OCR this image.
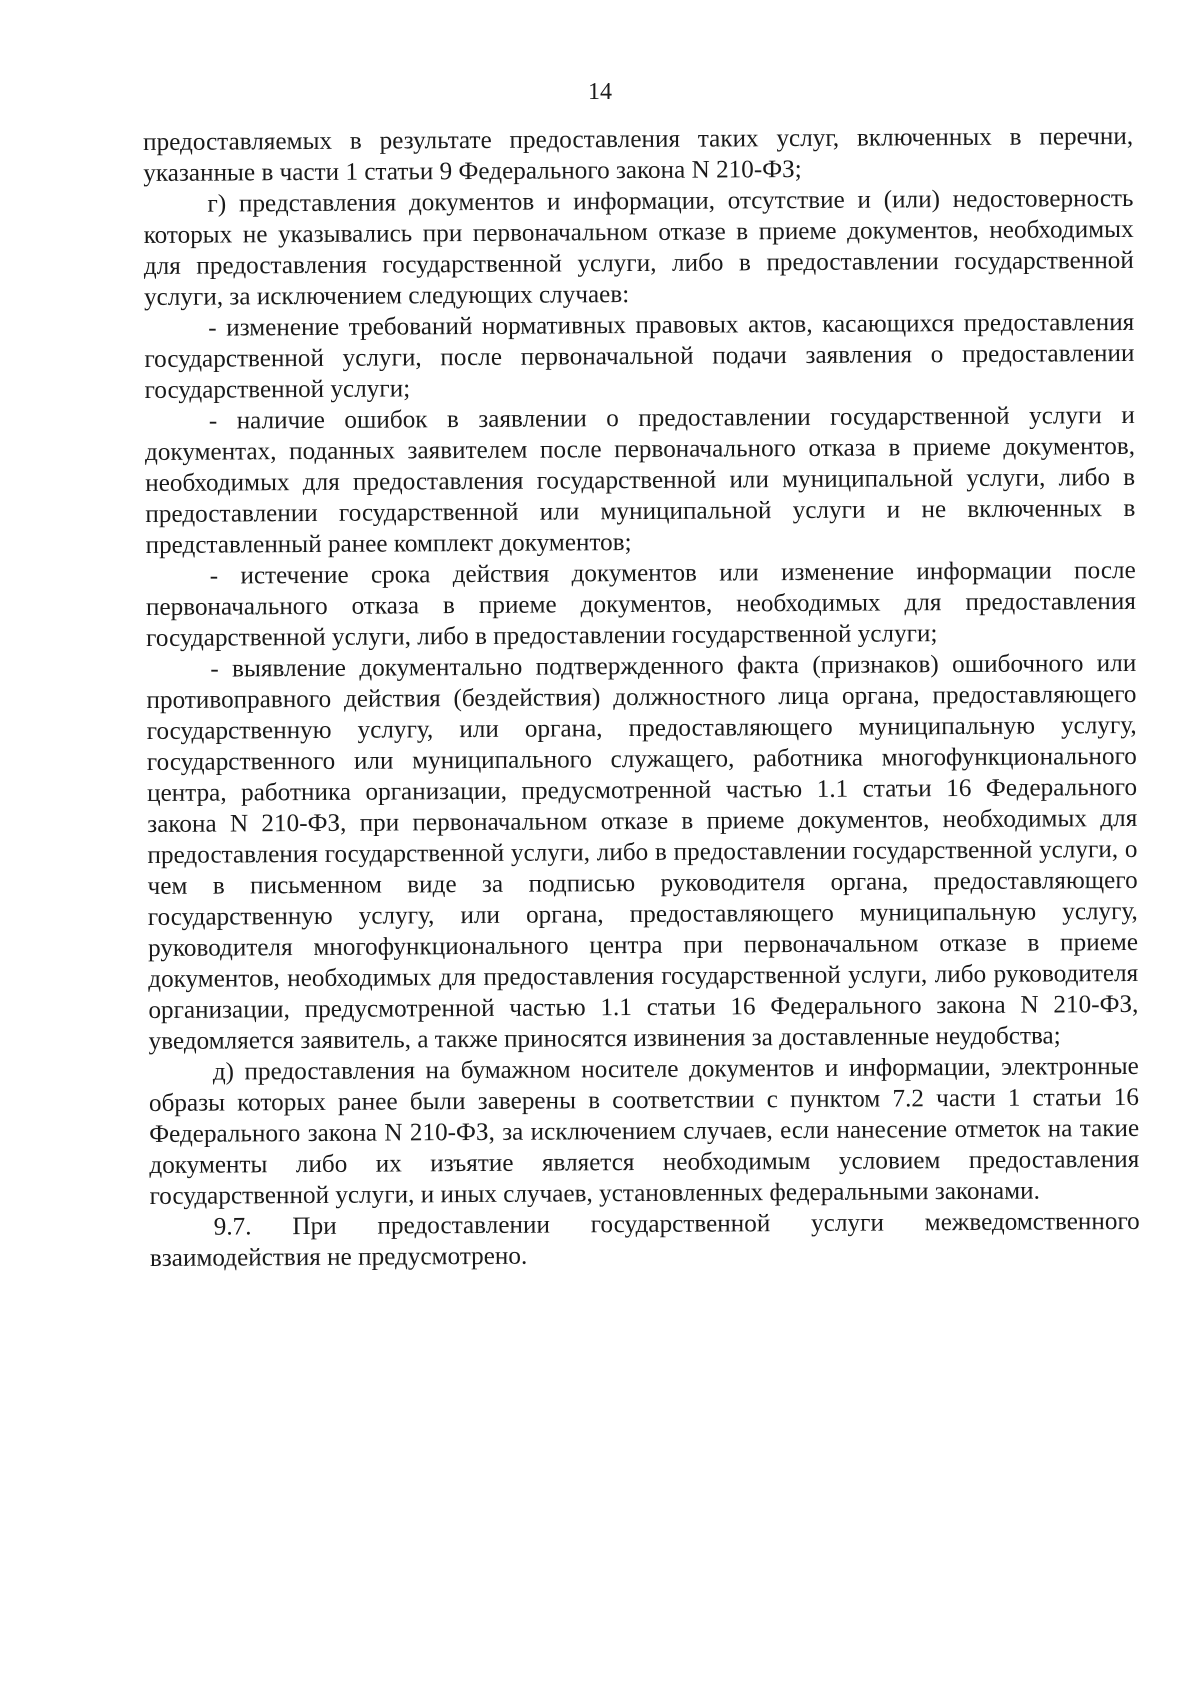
14

предоставляемых в результате предоставления таких услуг, включенных в перечни, указанные в части 1 статьи 9 Федерального закона N 210-ФЗ;

г) представления документов и информации, отсутствие и (или) недостоверность которых не указывались при первоначальном отказе в приеме документов, необходимых для предоставления государственной услуги, либо в предоставлении государственной услуги, за исключением следующих случаев:

- изменение требований нормативных правовых актов, касающихся предоставления государственной услуги, после первоначальной подачи заявления о предоставлении государственной услуги;

- наличие ошибок в заявлении о предоставлении государственной услуги и документах, поданных заявителем после первоначального отказа в приеме документов, необходимых для предоставления государственной или муниципальной услуги, либо в предоставлении государственной или муниципальной услуги и не включенных в представленный ранее комплект документов;

- истечение срока действия документов или изменение информации после первоначального отказа в приеме документов, необходимых для предоставления государственной услуги, либо в предоставлении государственной услуги;

- выявление документально подтвержденного факта (признаков) ошибочного или противоправного действия (бездействия) должностного лица органа, предоставляющего государственную услугу, или органа, предоставляющего муниципальную услугу, государственного или муниципального служащего, работника многофункционального центра, работника организации, предусмотренной частью 1.1 статьи 16 Федерального закона N 210-ФЗ, при первоначальном отказе в приеме документов, необходимых для предоставления государственной услуги, либо в предоставлении государственной услуги, о чем в письменном виде за подписью руководителя органа, предоставляющего государственную услугу, или органа, предоставляющего муниципальную услугу, руководителя многофункционального центра при первоначальном отказе в приеме документов, необходимых для предоставления государственной услуги, либо руководителя организации, предусмотренной частью 1.1 статьи 16 Федерального закона N 210-ФЗ, уведомляется заявитель, а также приносятся извинения за доставленные неудобства;

д) предоставления на бумажном носителе документов и информации, электронные образы которых ранее были заверены в соответствии с пунктом 7.2 части 1 статьи 16 Федерального закона N 210-ФЗ, за исключением случаев, если нанесение отметок на такие документы либо их изъятие является необходимым условием предоставления государственной услуги, и иных случаев, установленных федеральными законами.

9.7. При предоставлении государственной услуги межведомственного взаимодействия не предусмотрено.
